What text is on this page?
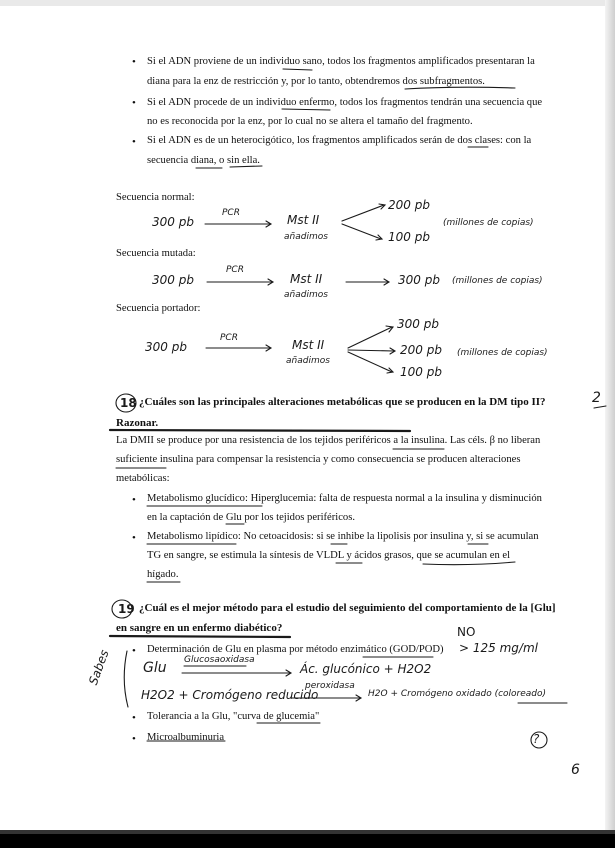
• Si el ADN proviene de un individuo sano, todos los fragmentos amplificados presentaran la
diana para la enz de restricción y, por lo tanto, obtendremos dos subfragmentos.
• Si el ADN procede de un individuo enfermo, todos los fragmentos tendrán una secuencia que
no es reconocida por la enz, por lo cual no se altera el tamaño del fragmento.
• Si el ADN es de un heterocigótico, los fragmentos amplificados serán de dos clases: con la
secuencia diana, o sin ella.
Secuencia normal:
300 pb
PCR	Mst II
añadimos
200 pb
100 pb
(millones de copias)
Secuencia mutada:
300 pb
PCR
Mst II
añadimos
300 pb (millones de copias)
Secuencia portador:
300 pb
PCR	Mst II
añadimos
300 pb
200 pb
100 pb
(millones de copias)
18 ¿Cuáles son las principales alteraciones metabólicas que se producen en la DM tipo II?	2
Razonar.
La DMII se produce por una resistencia de los tejidos periféricos a la insulina. Las céls. β no liberan
suficiente insulina para compensar la resistencia y como consecuencia se producen alteraciones
metabólicas:
• Metabolismo glucídico: Hiperglucemia: falta de respuesta normal a la insulina y disminución
en la captación de Glu por los tejidos periféricos.
• Metabolismo lipídico: No cetoacidosis: si se inhibe la lipolisis por insulina y, si se acumulan
TG en sangre, se estimula la síntesis de VLDL y ácidos grasos, que se acumulan en el
hígado.
19 ¿Cuál es el mejor método para el estudio del seguimiento del comportamiento de la [Glu]
en sangre en un enfermo diabético?	NO
• Determinación de Glu en plasma por método enzimático (GOD/POD) > 125 mg/ml
Glu Glucosaoxidasa
Ác. glucónico + H2O2
H2O2 + Cromógeno reducido
peroxidasa
H2O + Cromógeno oxidado (coloreado)
• Tolerancia a la Glu, "curva de glucemia"
• Microalbuminuria
Sabes
?
6
